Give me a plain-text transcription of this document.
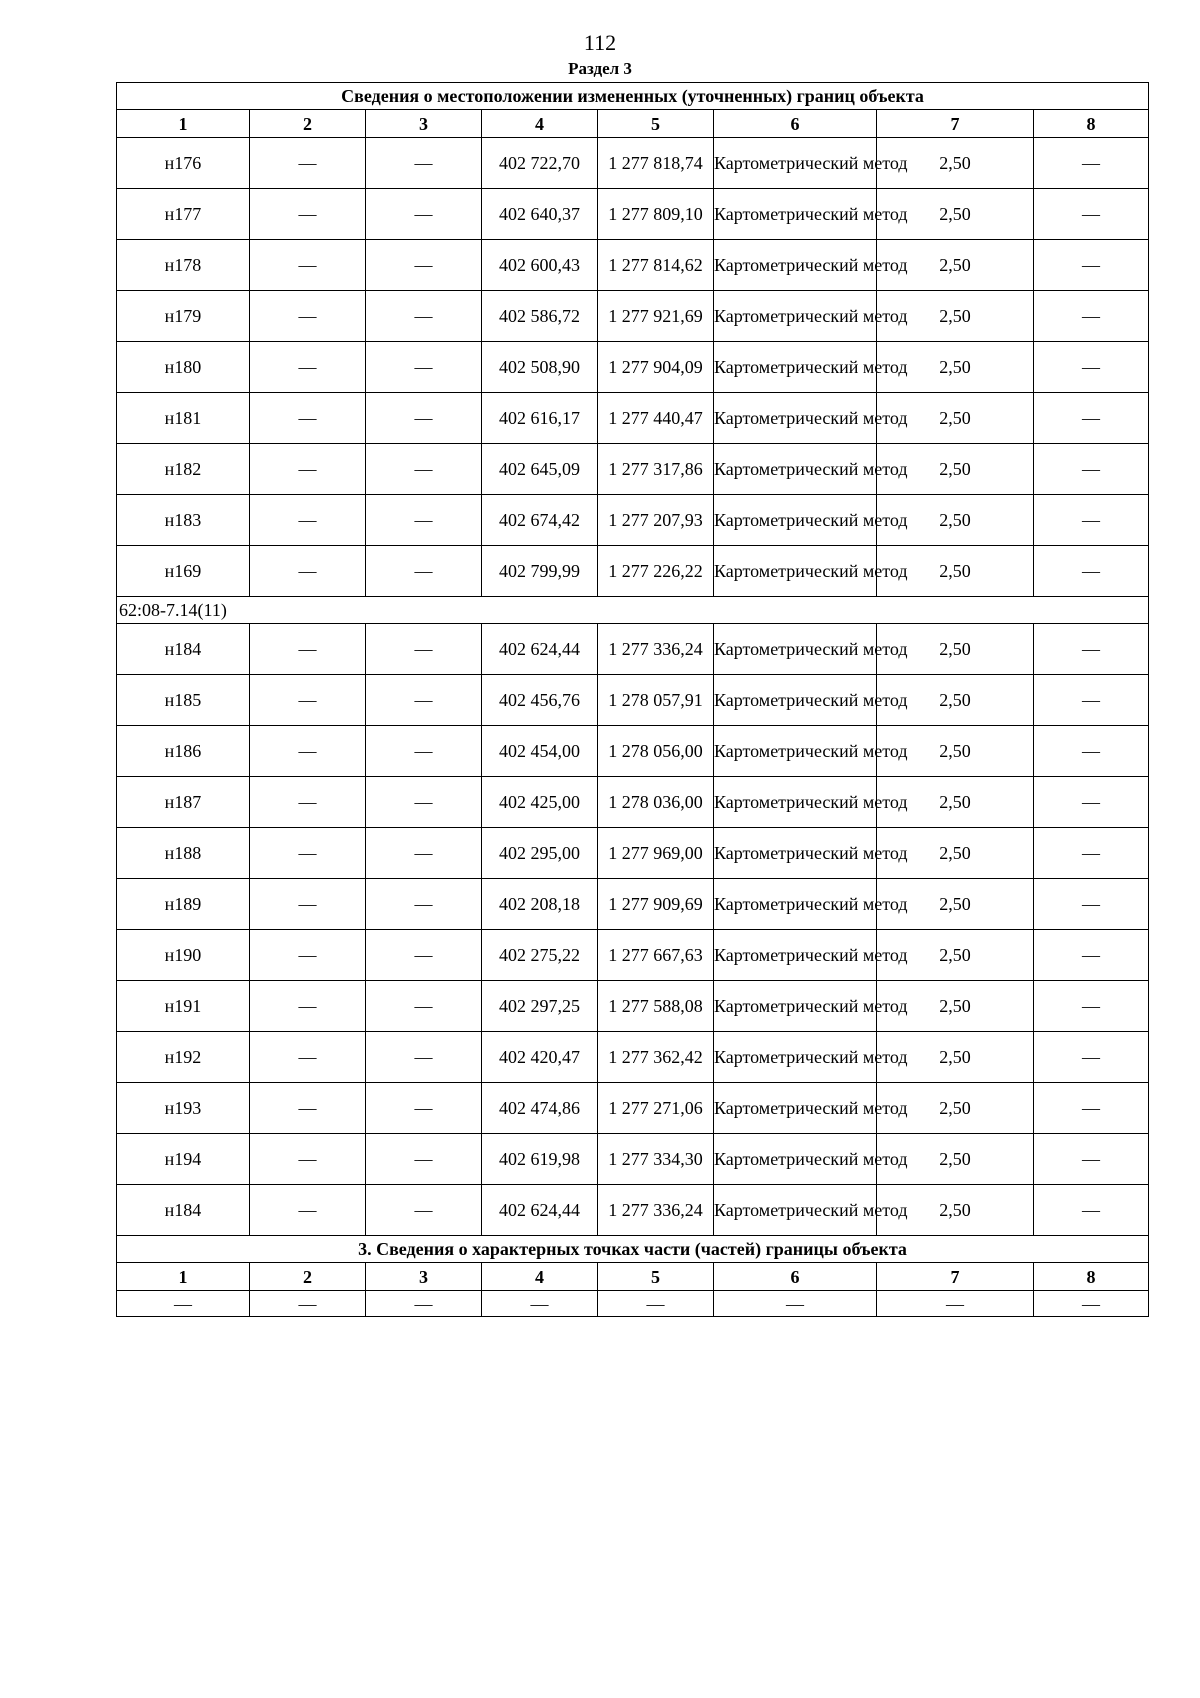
112
Раздел 3
Сведения о местоположении измененных (уточненных) границ объекта							
1	2	3	4	5	6	7	8
н176	—	—	402 722,70	1 277 818,74	Картометрический метод	2,50	—
н177	—	—	402 640,37	1 277 809,10	Картометрический метод	2,50	—
н178	—	—	402 600,43	1 277 814,62	Картометрический метод	2,50	—
н179	—	—	402 586,72	1 277 921,69	Картометрический метод	2,50	—
н180	—	—	402 508,90	1 277 904,09	Картометрический метод	2,50	—
н181	—	—	402 616,17	1 277 440,47	Картометрический метод	2,50	—
н182	—	—	402 645,09	1 277 317,86	Картометрический метод	2,50	—
н183	—	—	402 674,42	1 277 207,93	Картометрический метод	2,50	—
н169	—	—	402 799,99	1 277 226,22	Картометрический метод	2,50	—
62:08-7.14(11)							
н184	—	—	402 624,44	1 277 336,24	Картометрический метод	2,50	—
н185	—	—	402 456,76	1 278 057,91	Картометрический метод	2,50	—
н186	—	—	402 454,00	1 278 056,00	Картометрический метод	2,50	—
н187	—	—	402 425,00	1 278 036,00	Картометрический метод	2,50	—
н188	—	—	402 295,00	1 277 969,00	Картометрический метод	2,50	—
н189	—	—	402 208,18	1 277 909,69	Картометрический метод	2,50	—
н190	—	—	402 275,22	1 277 667,63	Картометрический метод	2,50	—
н191	—	—	402 297,25	1 277 588,08	Картометрический метод	2,50	—
н192	—	—	402 420,47	1 277 362,42	Картометрический метод	2,50	—
н193	—	—	402 474,86	1 277 271,06	Картометрический метод	2,50	—
н194	—	—	402 619,98	1 277 334,30	Картометрический метод	2,50	—
н184	—	—	402 624,44	1 277 336,24	Картометрический метод	2,50	—
3. Сведения о характерных точках части (частей) границы объекта							
1	2	3	4	5	6	7	8
—	—	—	—	—	—	—	—
